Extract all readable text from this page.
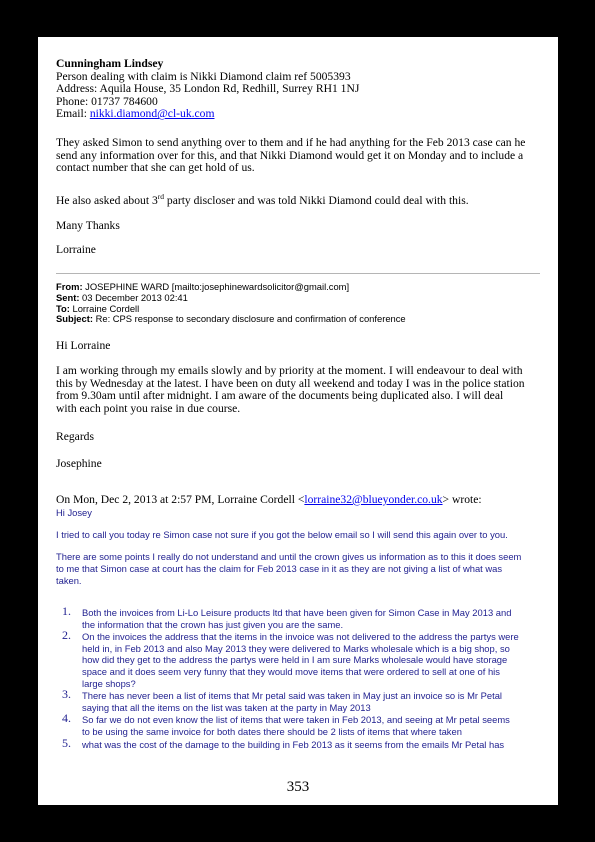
Cunningham Lindsey

Person dealing with claim is Nikki Diamond claim ref 5005393

Address: Aquila House, 35 London Rd, Redhill, Surrey RH1 1NJ

Phone: 01737 784600

Email: nikki.diamond@cl-uk.com

They asked Simon to send anything over to them and if he had anything for the Feb 2013 case can he

send any information over for this, and that Nikki Diamond would get it on Monday and to include a

contact number that she can get hold of us.

He also asked about 3rd party discloser and was told Nikki Diamond could deal with this.

Many Thanks

Lorraine

From: JOSEPHINE WARD [mailto:josephinewardsolicitor@gmail.com]

Sent: 03 December 2013 02:41

To: Lorraine Cordell

Subject: Re: CPS response to secondary disclosure and confirmation of conference

Hi Lorraine

I am working through my emails slowly and by priority at the moment. I will endeavour to deal with

this by Wednesday at the latest. I have been on duty all weekend and today I was in the police station

from 9.30am until after midnight. I am aware of the documents being duplicated also. I will deal

with each point you raise in due course.

Regards

Josephine

On Mon, Dec 2, 2013 at 2:57 PM, Lorraine Cordell <lorraine32@blueyonder.co.uk> wrote:

Hi Josey

I tried to call you today re Simon case not sure if you got the below email so I will send this again over to you.

There are some points I really do not understand and until the crown gives us information as to this it does seem

to me that Simon case at court has the claim for Feb 2013 case in it as they are not giving a list of what was

taken.

1. Both the invoices from Li-Lo Leisure products ltd that have been given for Simon Case in May 2013 and
the information that the crown has just given you are the same.
2. On the invoices the address that the items in the invoice was not delivered to the address the partys were
held in, in Feb 2013 and also May 2013 they were delivered to Marks wholesale which is a big shop, so
how did they get to the address the partys were held in I am sure Marks wholesale would have storage
space and it does seem very funny that they would move items that were ordered to sell at one of his
large shops?
3. There has never been a list of items that Mr petal said was taken in May just an invoice so is Mr Petal
saying that all the items on the list was taken at the party in May 2013
4. So far we do not even know the list of items that were taken in Feb 2013, and seeing at Mr petal seems
to be using the same invoice for both dates there should be 2 lists of items that where taken
5. what was the cost of the damage to the building in Feb 2013 as it seems from the emails Mr Petal has
353
